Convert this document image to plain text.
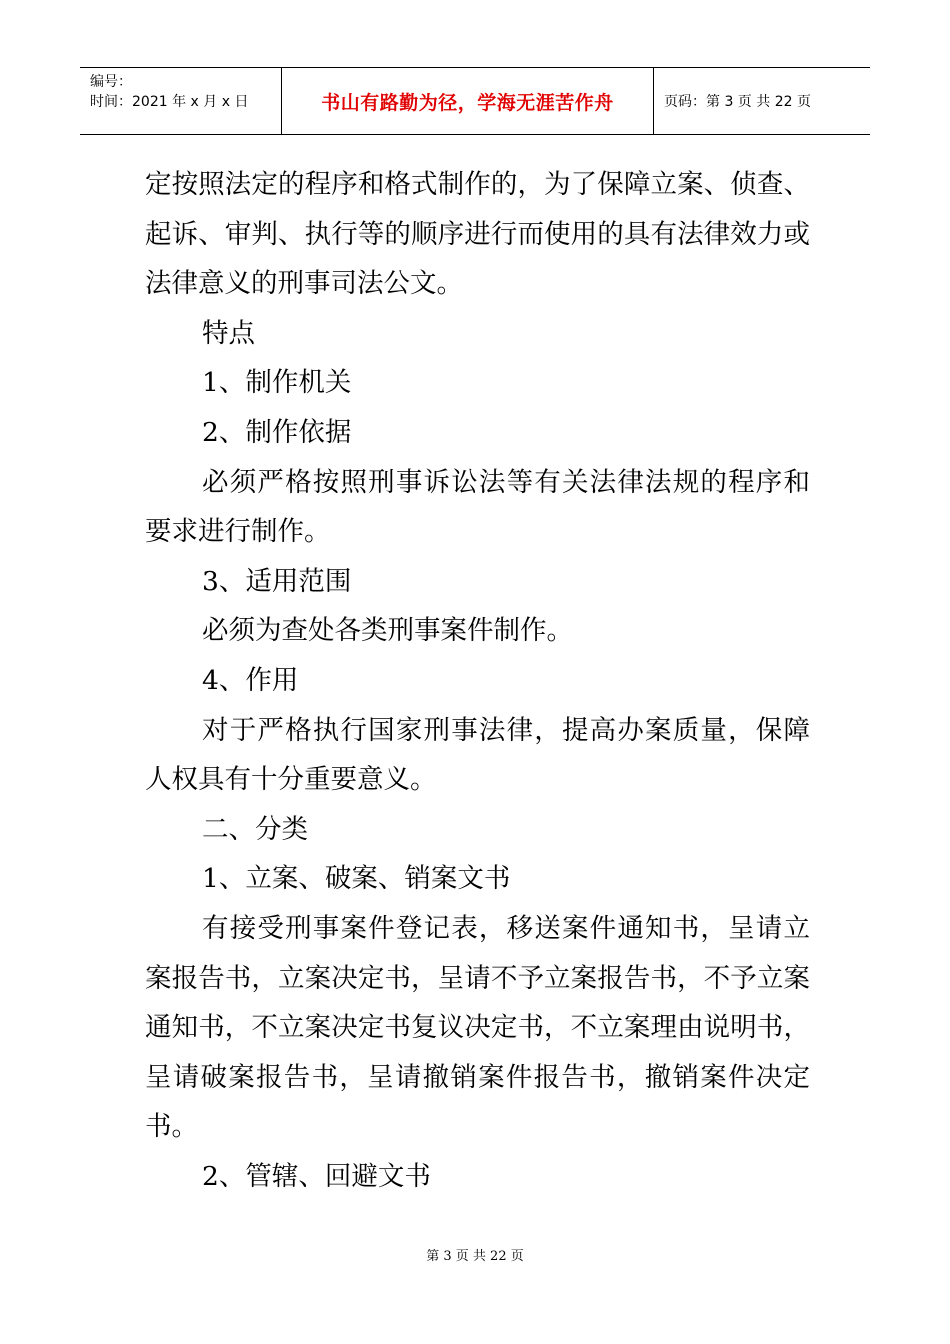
编号：
时间：2021 年 x 月 x 日	书山有路勤为径，学海无涯苦作舟	页码：第 3 页 共 22 页

定按照法定的程序和格式制作的，为了保障立案、侦查、起诉、审判、执行等的顺序进行而使用的具有法律效力或法律意义的刑事司法公文。

特点

1、制作机关

2、制作依据

必须严格按照刑事诉讼法等有关法律法规的程序和要求进行制作。

3、适用范围

必须为查处各类刑事案件制作。

4、作用

对于严格执行国家刑事法律，提高办案质量，保障人权具有十分重要意义。

二、分类

1、立案、破案、销案文书

有接受刑事案件登记表，移送案件通知书，呈请立案报告书，立案决定书，呈请不予立案报告书，不予立案通知书，不立案决定书复议决定书，不立案理由说明书，呈请破案报告书，呈请撤销案件报告书，撤销案件决定书。

2、管辖、回避文书

第 3 页 共 22 页
